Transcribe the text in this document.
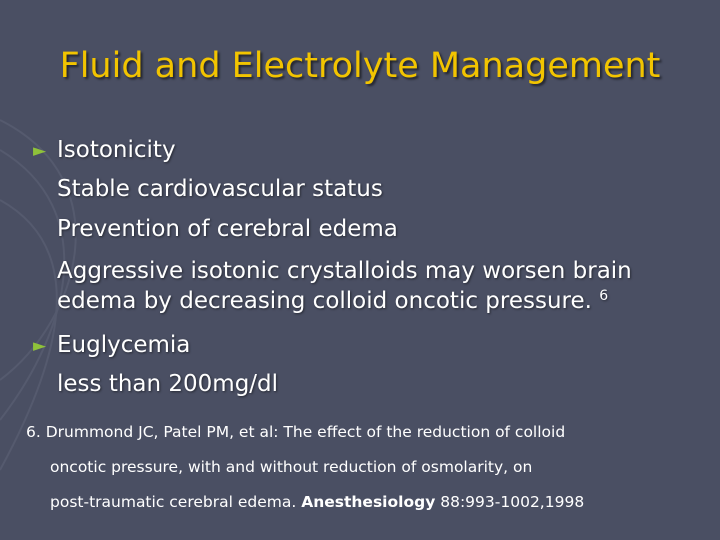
Fluid and Electrolyte Management
► Isotonicity
Stable cardiovascular status
Prevention of cerebral edema
Aggressive isotonic crystalloids may worsen brain
edema by decreasing colloid oncotic pressure. $^6$
► Euglycemia
less than 200mg/dl
6. Drummond JC, Patel PM, et al: The effect of the reduction of colloid
oncotic pressure, with and without reduction of osmolarity, on
post-traumatic cerebral edema. Anesthesiology 88:993-1002,1998
